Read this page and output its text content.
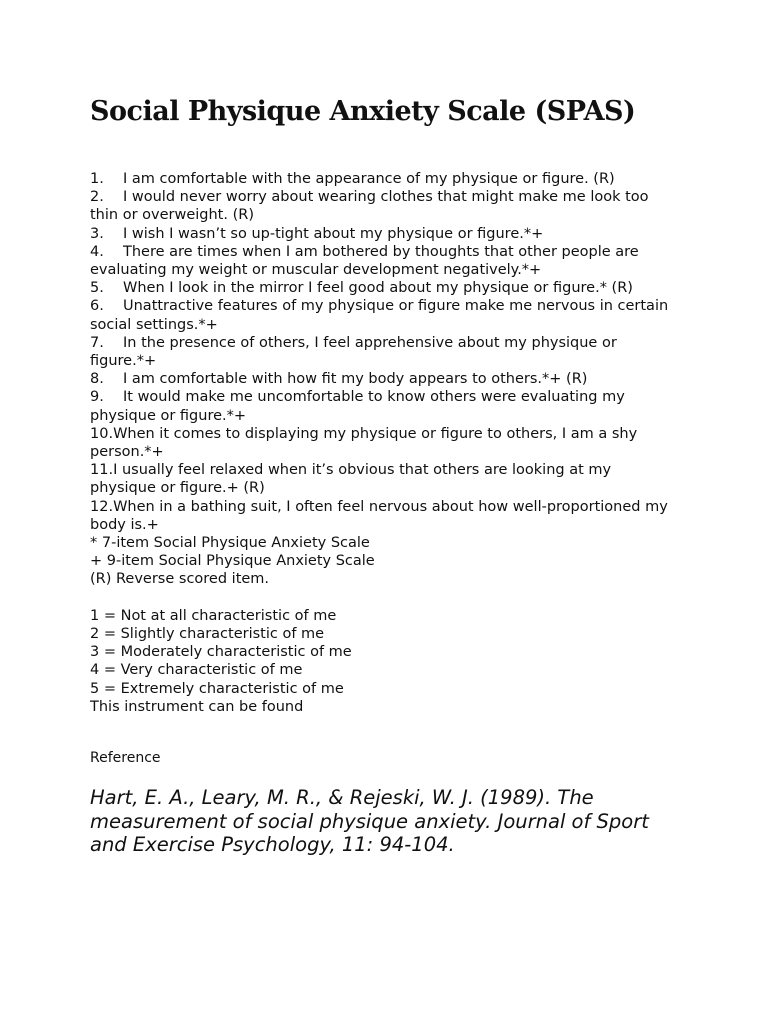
Social Physique Anxiety Scale (SPAS)
1. I am comfortable with the appearance of my physique or figure. (R)
2. I would never worry about wearing clothes that might make me look too thin or overweight. (R)
3. I wish I wasn’t so up-tight about my physique or figure.*+
4. There are times when I am bothered by thoughts that other people are evaluating my weight or muscular development negatively.*+
5. When I look in the mirror I feel good about my physique or figure.* (R)
6. Unattractive features of my physique or figure make me nervous in certain social settings.*+
7. In the presence of others, I feel apprehensive about my physique or figure.*+
8. I am comfortable with how fit my body appears to others.*+ (R)
9. It would make me uncomfortable to know others were evaluating my physique or figure.*+
10.When it comes to displaying my physique or figure to others, I am a shy person.*+
11.I usually feel relaxed when it’s obvious that others are looking at my physique or figure.+ (R)
12.When in a bathing suit, I often feel nervous about how well-proportioned my body is.+
* 7-item Social Physique Anxiety Scale
+ 9-item Social Physique Anxiety Scale
(R) Reverse scored item.
1 = Not at all characteristic of me
2 = Slightly characteristic of me
3 = Moderately characteristic of me
4 = Very characteristic of me
5 = Extremely characteristic of me
This instrument can be found
Reference
Hart, E. A., Leary, M. R., & Rejeski, W. J. (1989). The measurement of social physique anxiety. Journal of Sport and Exercise Psychology, 11: 94-104.
